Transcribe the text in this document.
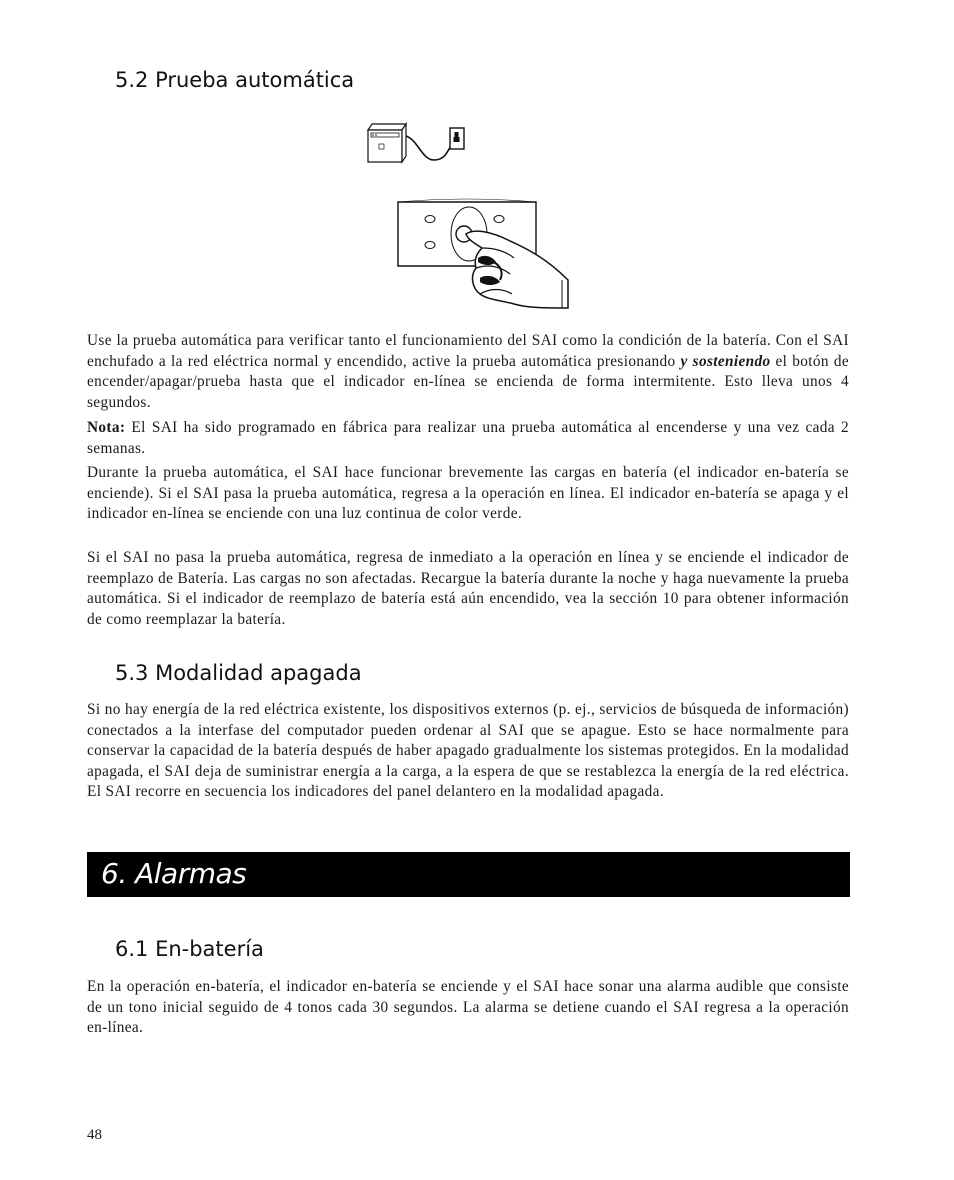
5.2 Prueba automática

Use la prueba automática para verificar tanto el funcionamiento del SAI como la condición de la batería. Con el SAI enchufado a la red eléctrica normal y encendido, active la prueba automática presionando y sosteniendo el botón de encender/apagar/prueba hasta que el indicador en-línea se encienda de forma intermitente. Esto lleva unos 4 segundos.

Nota: El SAI ha sido programado en fábrica para realizar una prueba automática al encenderse y una vez cada 2 semanas.

Durante la prueba automática, el SAI hace funcionar brevemente las cargas en batería (el indicador en-batería se enciende). Si el SAI pasa la prueba automática, regresa a la operación en línea. El indicador en-batería se apaga y el indicador en-línea se enciende con una luz continua de color verde.

Si el SAI no pasa la prueba automática, regresa de inmediato a la operación en línea y se enciende el indicador de reemplazo de Batería. Las cargas no son afectadas. Recargue la batería durante la noche y haga nuevamente la prueba automática. Si el indicador de reemplazo de batería está aún encendido, vea la sección 10 para obtener información de como reemplazar la batería.

5.3 Modalidad apagada

Si no hay energía de la red eléctrica existente, los dispositivos externos (p. ej., servicios de búsqueda de información) conectados a la interfase del computador pueden ordenar al SAI que se apague. Esto se hace normalmente para conservar la capacidad de la batería después de haber apagado gradualmente los sistemas protegidos. En la modalidad apagada, el SAI deja de suministrar energía a la carga, a la espera de que se restablezca la energía de la red eléctrica. El SAI recorre en secuencia los indicadores del panel delantero en la modalidad apagada.

6. Alarmas
6.1 En-batería

En la operación en-batería, el indicador en-batería se enciende y el SAI hace sonar una alarma audible que consiste de un tono inicial seguido de 4 tonos cada 30 segundos. La alarma se detiene cuando el SAI regresa a la operación en-línea.

48
